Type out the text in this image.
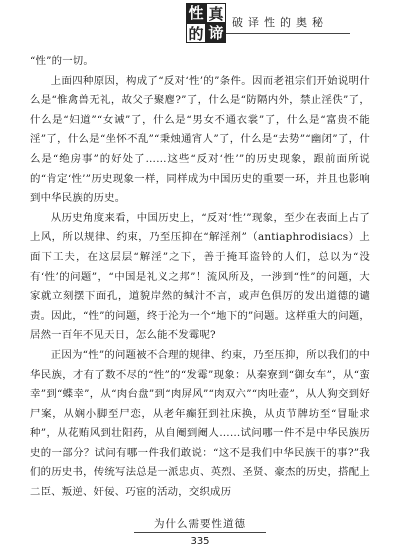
性 真
的 谛
破译性的奥秘

“性”的一切。

上面四种原因，构成了“反对‘性’的”条件。因而老祖宗们开始说明什么是“惟禽兽无礼，故父子聚麀?”了，什么是“防隔内外，禁止淫佚”了，什么是“妇道”“女诫”了，什么是“男女不通衣裳”了，什么是“富贵不能淫”了，什么是“坐怀不乱”“秉烛通宵人”了，什么是“去势”“幽闭”了，什么是“绝房事”的好处了……这些“反对‘性’”的历史现象，跟前面所说的“肯定‘性’”历史现象一样，同样成为中国历史的重要一环，并且也影响到中华民族的历史。

从历史角度来看，中国历史上，“反对‘性’”现象，至少在表面上占了上风，所以规律、约束，乃至压抑在“解淫剂”（antiaphrodisiacs）上面下工夫，在这层层“解淫”之下，善于掩耳盗铃的人们，总以为“没有‘性’的问题”，“中国是礼义之邦”！流风所及，一涉到“性”的问题，大家就立刻摆下面孔，道貌岸然的缄汁不言，或声色俱厉的发出道德的谴责。因此，“性”的问题，终于沦为一个“地下的”问题。这样重大的问题，居然一百年不见天日，怎么能不发霉呢?

正因为“性”的问题被不合理的规律、约束，乃至压抑，所以我们的中华民族，才有了数不尽的“性”的“发霉”现象：从秦寮到“御女车”，从“蛮幸”到“蝶幸”，从“肉台盘”到“肉屏风”“肉双六”“肉吐壶”，从人狗交到好尸案，从娴小脚至尸恋，从老年癫狂到社床换，从贞节牌坊至“冒耻求种”，从花贿风到壮阳药，从自阉到阉人……试问哪一件不是中华民族历史的一部分？试问有哪一件我们敢说：“这不是我们中华民族干的事?”我们的历史书，传统写法总是一派忠贞、英烈、圣贤、豪杰的历史，搭配上二臣、叛逆、奸佞、巧宦的活动，交织成历

为什么需要性道德
335
